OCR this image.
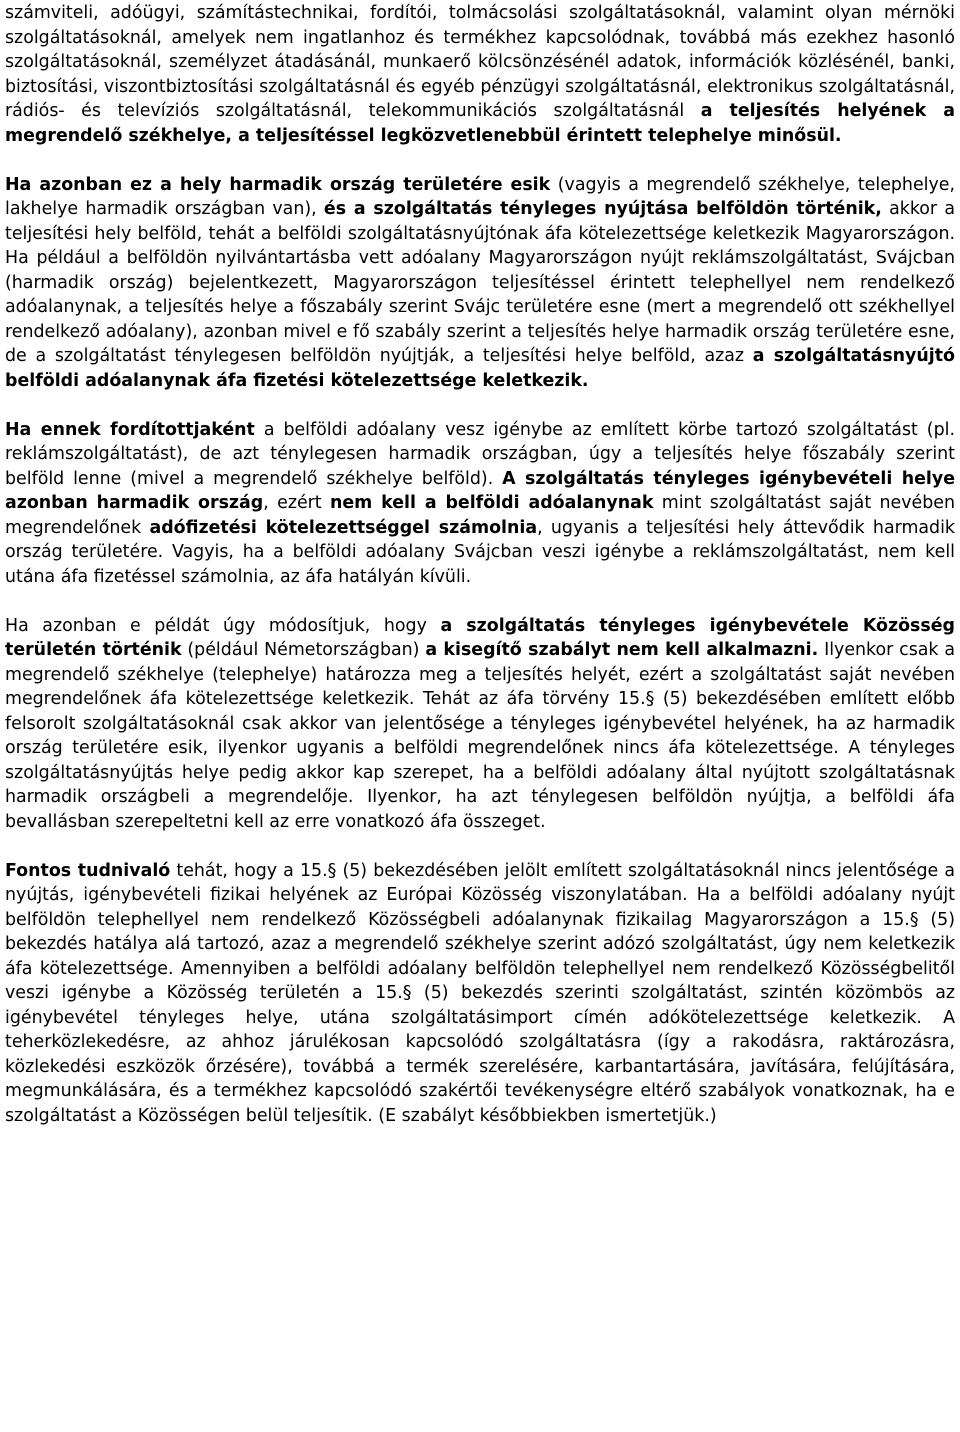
számviteli, adóügyi, számítástechnikai, fordítói, tolmácsolási szolgáltatásoknál, valamint olyan mérnöki szolgáltatásoknál, amelyek nem ingatlanhoz és termékhez kapcsolódnak, továbbá más ezekhez hasonló szolgáltatásoknál, személyzet átadásánál, munkaerő kölcsönzésénél adatok, információk közlésénél, banki, biztosítási, viszontbiztosítási szolgáltatásnál és egyéb pénzügyi szolgáltatásnál, elektronikus szolgáltatásnál, rádiós- és televíziós szolgáltatásnál, telekommunikációs szolgáltatásnál a teljesítés helyének a megrendelő székhelye, a teljesítéssel legközvetlenebbül érintett telephelye minősül.

Ha azonban ez a hely harmadik ország területére esik (vagyis a megrendelő székhelye, telephelye, lakhelye harmadik országban van), és a szolgáltatás tényleges nyújtása belföldön történik, akkor a teljesítési hely belföld, tehát a belföldi szolgáltatásnyújtónak áfa kötelezettsége keletkezik Magyarországon. Ha például a belföldön nyilvántartásba vett adóalany Magyarországon nyújt reklámszolgáltatást, Svájcban (harmadik ország) bejelentkezett, Magyarországon teljesítéssel érintett telephellyel nem rendelkező adóalanynak, a teljesítés helye a főszabály szerint Svájc területére esne (mert a megrendelő ott székhellyel rendelkező adóalany), azonban mivel e fő szabály szerint a teljesítés helye harmadik ország területére esne, de a szolgáltatást ténylegesen belföldön nyújtják, a teljesítési helye belföld, azaz a szolgáltatásnyújtó belföldi adóalanynak áfa fizetési kötelezettsége keletkezik.

Ha ennek fordítottjaként a belföldi adóalany vesz igénybe az említett körbe tartozó szolgáltatást (pl. reklámszolgáltatást), de azt ténylegesen harmadik országban, úgy a teljesítés helye főszabály szerint belföld lenne (mivel a megrendelő székhelye belföld). A szolgáltatás tényleges igénybevételi helye azonban harmadik ország, ezért nem kell a belföldi adóalanynak mint szolgáltatást saját nevében megrendelőnek adófizetési kötelezettséggel számolnia, ugyanis a teljesítési hely áttevődik harmadik ország területére. Vagyis, ha a belföldi adóalany Svájcban veszi igénybe a reklámszolgáltatást, nem kell utána áfa fizetéssel számolnia, az áfa hatályán kívüli.

Ha azonban e példát úgy módosítjuk, hogy a szolgáltatás tényleges igénybevétele Közösség területén történik (például Németországban) a kisegítő szabályt nem kell alkalmazni. Ilyenkor csak a megrendelő székhelye (telephelye) határozza meg a teljesítés helyét, ezért a szolgáltatást saját nevében megrendelőnek áfa kötelezettsége keletkezik. Tehát az áfa törvény 15.§ (5) bekezdésében említett előbb felsorolt szolgáltatásoknál csak akkor van jelentősége a tényleges igénybevétel helyének, ha az harmadik ország területére esik, ilyenkor ugyanis a belföldi megrendelőnek nincs áfa kötelezettsége. A tényleges szolgáltatásnyújtás helye pedig akkor kap szerepet, ha a belföldi adóalany által nyújtott szolgáltatásnak harmadik országbeli a megrendelője. Ilyenkor, ha azt ténylegesen belföldön nyújtja, a belföldi áfa bevallásban szerepeltetni kell az erre vonatkozó áfa összeget.

Fontos tudnivaló tehát, hogy a 15.§ (5) bekezdésében jelölt említett szolgáltatásoknál nincs jelentősége a nyújtás, igénybevételi fizikai helyének az Európai Közösség viszonylatában. Ha a belföldi adóalany nyújt belföldön telephellyel nem rendelkező Közösségbeli adóalanynak fizikailag Magyarországon a 15.§ (5) bekezdés hatálya alá tartozó, azaz a megrendelő székhelye szerint adózó szolgáltatást, úgy nem keletkezik áfa kötelezettsége. Amennyiben a belföldi adóalany belföldön telephellyel nem rendelkező Közösségbelitől veszi igénybe a Közösség területén a 15.§ (5) bekezdés szerinti szolgáltatást, szintén közömbös az igénybevétel tényleges helye, utána szolgáltatásimport címén adókötelezettsége keletkezik. A teherközlekedésre, az ahhoz járulékosan kapcsolódó szolgáltatásra (így a rakodásra, raktározásra, közlekedési eszközök őrzésére), továbbá a termék szerelésére, karbantartására, javítására, felújítására, megmunkálására, és a termékhez kapcsolódó szakértői tevékenységre eltérő szabályok vonatkoznak, ha e szolgáltatást a Közösségen belül teljesítik. (E szabályt későbbiekben ismertetjük.)
